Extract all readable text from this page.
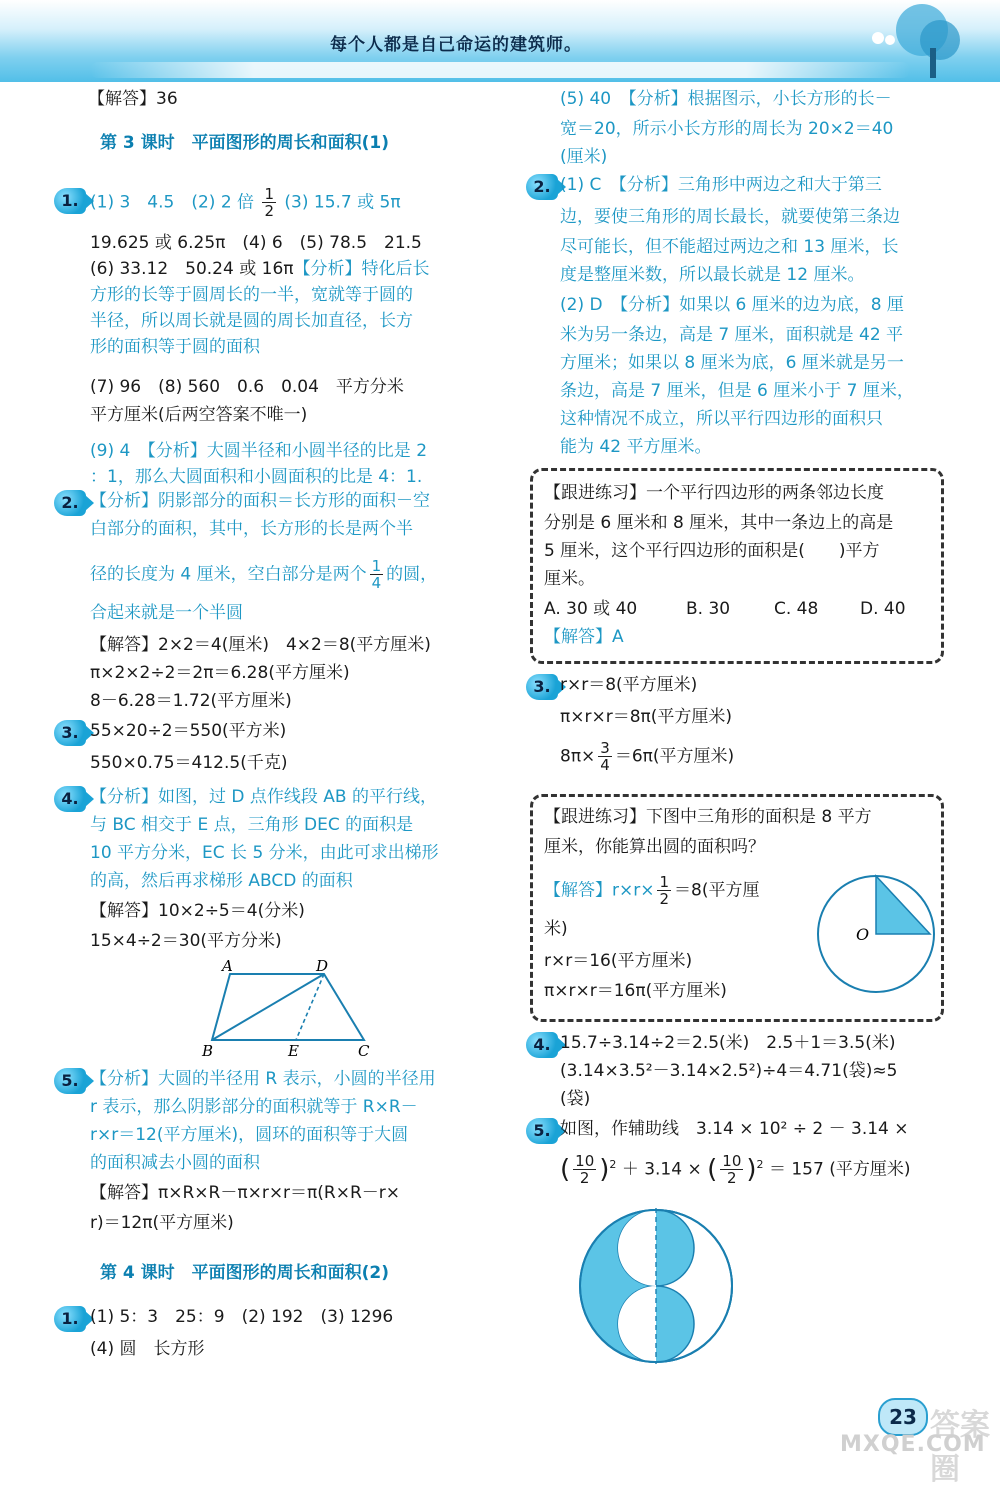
每个人都是自己命运的建筑师。
【解答】36
第 3 课时　平面图形的周长和面积(1)
1. (1) 3　4.5　(2) 2 倍 $\frac{1}{2} (3)$ 15.7 或 5π
19.625 或 6.25π　(4) 6　(5) 78.5　21.5
(6) 33.12　50.24 或 16π【分析】特化后长
方形的长等于圆周长的一半，宽就等于圆的
半径，所以周长就是圆的周长加直径，长方
形的面积等于圆的面积
(7) 96　(8) 560　0.6　0.04　平方分米
平方厘米(后两空答案不唯一)
(9) 4　【分析】大圆半径和小圆半径的比是 2
：1，那么大圆面积和小圆面积的比是 4：1.
2. 【分析】阴影部分的面积＝长方形的面积－空
白部分的面积，其中，长方形的长是两个半
径的长度为 4 厘米，空白部分是两个 $\frac{1}{4}$ 的圆，
合起来就是一个半圆
【解答】2×2＝4(厘米)　4×2＝8(平方厘米)
π×2×2÷2＝2π＝6.28(平方厘米)
8－6.28＝1.72(平方厘米)
3. 55×20÷2＝550(平方米)
550×0.75＝412.5(千克)
4. 【分析】如图，过 D 点作线段 AB 的平行线，
与 BC 相交于 E 点，三角形 DEC 的面积是
10 平方分米，EC 长 5 分米，由此可求出梯形
的高，然后再求梯形 ABCD 的面积
【解答】10×2÷5＝4(分米)
15×4÷2＝30(平方分米)
A	D
B	E	C
5. 【分析】大圆的半径用 R 表示，小圆的半径用
r 表示，那么阴影部分的面积就等于 R×R－
r×r＝12(平方厘米)，圆环的面积等于大圆
的面积减去小圆的面积
【解答】π×R×R－π×r×r＝π(R×R－r×
r)＝12π(平方厘米)
第 4 课时　平面图形的周长和面积(2)
1. (1) 5：3　25：9　(2) 192　(3) 1296
(4) 圆　长方形
(5) 40　【分析】根据图示，小长方形的长－
宽＝20，所示小长方形的周长为 20×2＝40
(厘米)
2. (1) C　【分析】三角形中两边之和大于第三
边，要使三角形的周长最长，就要使第三条边
尽可能长，但不能超过两边之和 13 厘米，长
度是整厘米数，所以最长就是 12 厘米。
(2) D　【分析】如果以 6 厘米的边为底，8 厘
米为另一条边，高是 7 厘米，面积就是 42 平
方厘米；如果以 8 厘米为底，6 厘米就是另一
条边，高是 7 厘米，但是 6 厘米小于 7 厘米，
这种情况不成立，所以平行四边形的面积只
能为 42 平方厘米。
【跟进练习】一个平行四边形的两条邻边长度
分别是 6 厘米和 8 厘米，其中一条边上的高是
5 厘米，这个平行四边形的面积是(　　)平方
厘米。
A. 30 或 40	B. 30	C. 48 D. 40
【解答】A
3. r×r＝8(平方厘米)
π×r×r＝8π(平方厘米)
$8\pi\times \frac{3}{4} =6\pi$(平方厘米)
【跟进练习】下图中三角形的面积是 8 平方
厘米，你能算出圆的面积吗？
【解答】$r\times r\times \frac{1}{2} =8$(平方厘
米)
r×r＝16(平方厘米)
π×r×r＝16π(平方厘米)
O
4. 15.7÷3.14÷2＝2.5(米)　2.5＋1＝3.5(米)
(3.14×3.5²－3.14×2.5²)÷4＝4.71(袋)≈5
(袋)
5. 如图，作辅助线　3.14 × 10² ÷ 2 － 3.14 ×
( $\frac{10}{2} )^2 + 3.14$ × ( $\frac{10}{2} )^2 = 157$ (平方厘米)
23 答案圈
MXQE.COM
